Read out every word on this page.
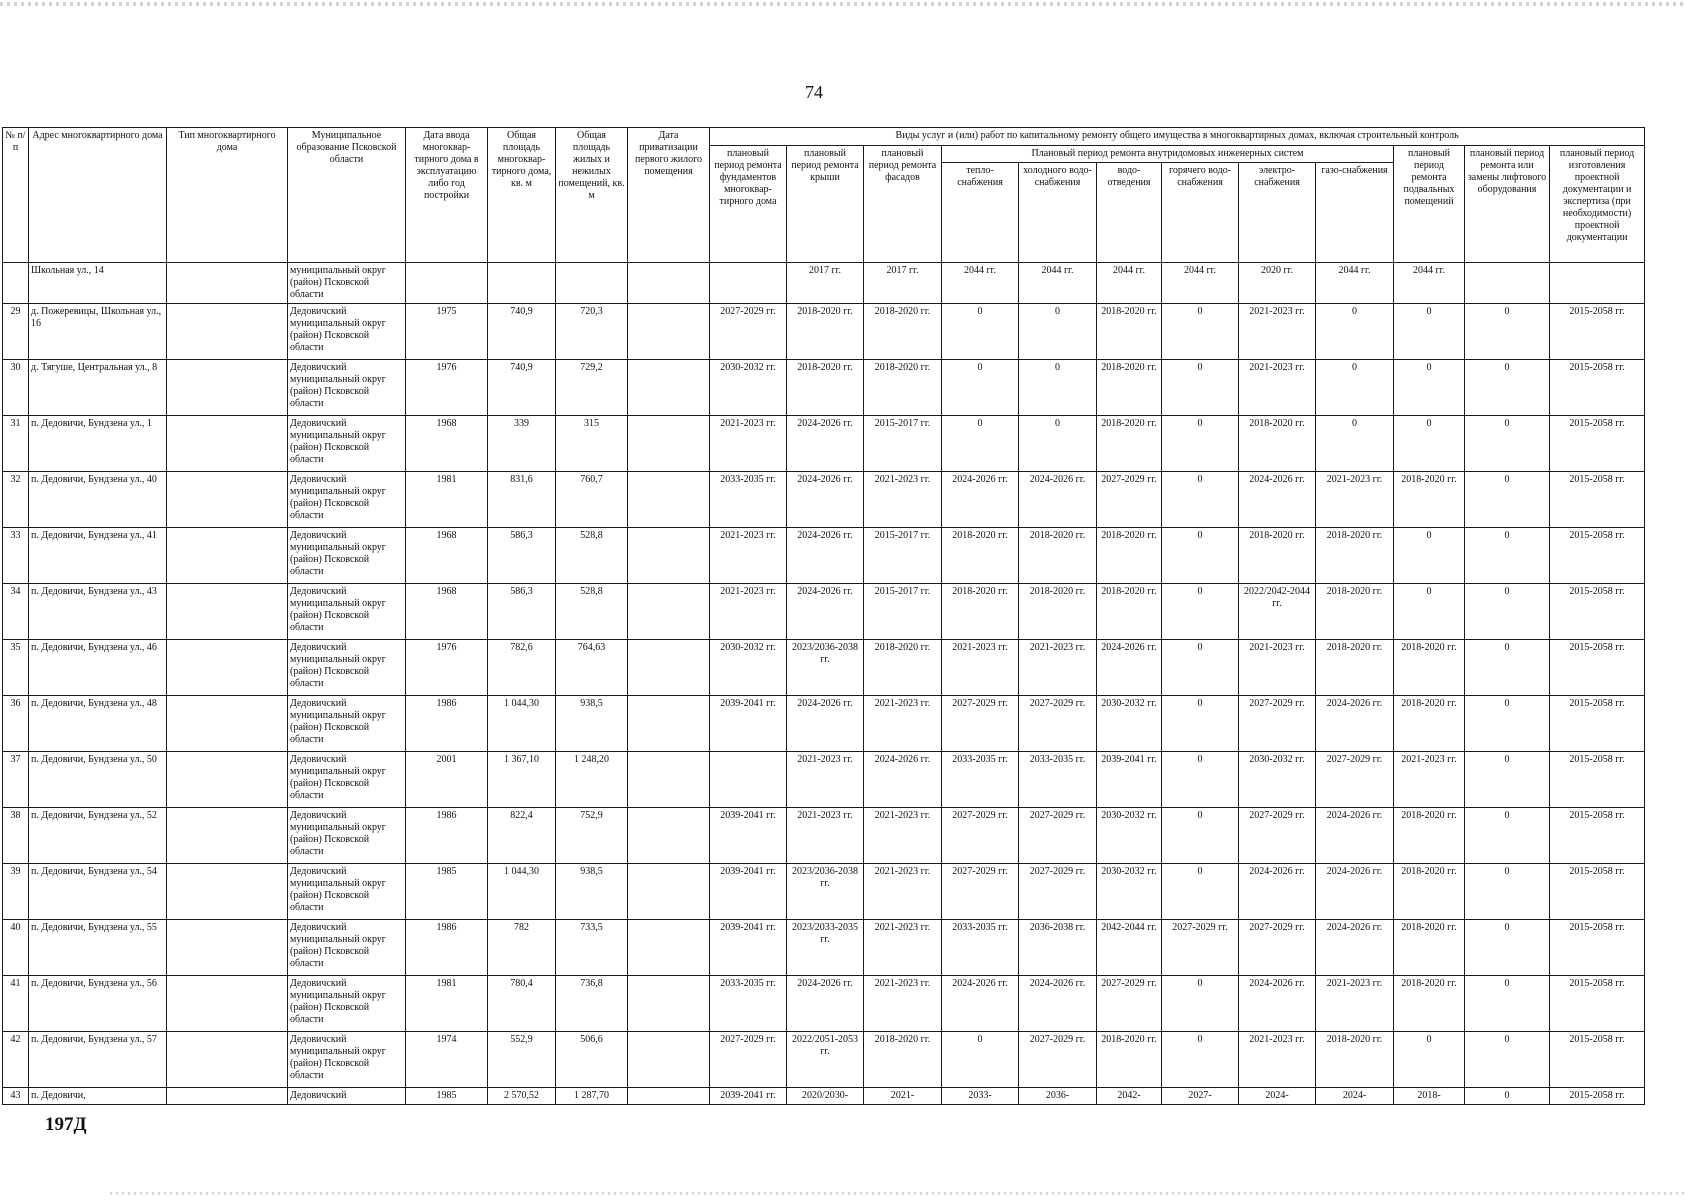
74
№ п/п	Адрес многоквартирного дома	Тип многоквартирного дома	Муниципальное образование Псковской области	Дата ввода многоквар-тирного дома в эксплуатацию либо год постройки	Общая площадь многоквар-тирного дома, кв. м	Общая площадь жилых и нежилых помещений, кв. м	Дата приватизации первого жилого помещения	Виды услуг и (или) работ по капитальному ремонту общего имущества в многоквартирных домах, включая строительный контроль											
								плановый период ремонта фундаментов многоквар-тирного дома	плановый период ремонта крыши	плановый период ремонта фасадов	Плановый период ремонта внутридомовых инженерных систем						плановый период ремонта подвальных помещений	плановый период ремонта или замены лифтового оборудования	плановый период изготовления проектной документации и экспертиза (при необходимости) проектной документации
											тепло-снабжения	холодного водо-снабжения	водо-отведения	горячего водо-снабжения	электро-снабжения	газо-снабжения			
	Школьная ул., 14		муниципальный округ (район) Псковской области						2017 гг.	2017 гг.	2044 гг.	2044 гг.	2044 гг.	2044 гг.	2020 гг.	2044 гг.	2044 гг.		
29	д. Пожеревицы, Школьная ул., 16		Дедовичский муниципальный округ (район) Псковской области	1975	740,9	720,3		2027-2029 гг.	2018-2020 гг.	2018-2020 гг.	0	0	2018-2020 гг.	0	2021-2023 гг.	0	0	0	2015-2058 гг.
30	д. Тягуше, Центральная ул., 8		Дедовичский муниципальный округ (район) Псковской области	1976	740,9	729,2		2030-2032 гг.	2018-2020 гг.	2018-2020 гг.	0	0	2018-2020 гг.	0	2021-2023 гг.	0	0	0	2015-2058 гг.
31	п. Дедовичи, Бундзена ул., 1		Дедовичский муниципальный округ (район) Псковской области	1968	339	315		2021-2023 гг.	2024-2026 гг.	2015-2017 гг.	0	0	2018-2020 гг.	0	2018-2020 гг.	0	0	0	2015-2058 гг.
32	п. Дедовичи, Бундзена ул., 40		Дедовичский муниципальный округ (район) Псковской области	1981	831,6	760,7		2033-2035 гг.	2024-2026 гг.	2021-2023 гг.	2024-2026 гг.	2024-2026 гг.	2027-2029 гг.	0	2024-2026 гг.	2021-2023 гг.	2018-2020 гг.	0	2015-2058 гг.
33	п. Дедовичи, Бундзена ул., 41		Дедовичский муниципальный округ (район) Псковской области	1968	586,3	528,8		2021-2023 гг.	2024-2026 гг.	2015-2017 гг.	2018-2020 гг.	2018-2020 гг.	2018-2020 гг.	0	2018-2020 гг.	2018-2020 гг.	0	0	2015-2058 гг.
34	п. Дедовичи, Бундзена ул., 43		Дедовичский муниципальный округ (район) Псковской области	1968	586,3	528,8		2021-2023 гг.	2024-2026 гг.	2015-2017 гг.	2018-2020 гг.	2018-2020 гг.	2018-2020 гг.	0	2022/2042-2044 гг.	2018-2020 гг.	0	0	2015-2058 гг.
35	п. Дедовичи, Бундзена ул., 46		Дедовичский муниципальный округ (район) Псковской области	1976	782,6	764,63		2030-2032 гг.	2023/2036-2038 гг.	2018-2020 гг.	2021-2023 гг.	2021-2023 гг.	2024-2026 гг.	0	2021-2023 гг.	2018-2020 гг.	2018-2020 гг.	0	2015-2058 гг.
36	п. Дедовичи, Бундзена ул., 48		Дедовичский муниципальный округ (район) Псковской области	1986	1 044,30	938,5		2039-2041 гг.	2024-2026 гг.	2021-2023 гг.	2027-2029 гг.	2027-2029 гг.	2030-2032 гг.	0	2027-2029 гг.	2024-2026 гг.	2018-2020 гг.	0	2015-2058 гг.
37	п. Дедовичи, Бундзена ул., 50		Дедовичский муниципальный округ (район) Псковской области	2001	1 367,10	1 248,20			2021-2023 гг.	2024-2026 гг.	2033-2035 гг.	2033-2035 гг.	2039-2041 гг.	0	2030-2032 гг.	2027-2029 гг.	2021-2023 гг.	0	2015-2058 гг.
38	п. Дедовичи, Бундзена ул., 52		Дедовичский муниципальный округ (район) Псковской области	1986	822,4	752,9		2039-2041 гг.	2021-2023 гг.	2021-2023 гг.	2027-2029 гг.	2027-2029 гг.	2030-2032 гг.	0	2027-2029 гг.	2024-2026 гг.	2018-2020 гг.	0	2015-2058 гг.
39	п. Дедовичи, Бундзена ул., 54		Дедовичский муниципальный округ (район) Псковской области	1985	1 044,30	938,5		2039-2041 гг.	2023/2036-2038 гг.	2021-2023 гг.	2027-2029 гг.	2027-2029 гг.	2030-2032 гг.	0	2024-2026 гг.	2024-2026 гг.	2018-2020 гг.	0	2015-2058 гг.
40	п. Дедовичи, Бундзена ул., 55		Дедовичский муниципальный округ (район) Псковской области	1986	782	733,5		2039-2041 гг.	2023/2033-2035 гг.	2021-2023 гг.	2033-2035 гг.	2036-2038 гг.	2042-2044 гг.	2027-2029 гг.	2027-2029 гг.	2024-2026 гг.	2018-2020 гг.	0	2015-2058 гг.
41	п. Дедовичи, Бундзена ул., 56		Дедовичский муниципальный округ (район) Псковской области	1981	780,4	736,8		2033-2035 гг.	2024-2026 гг.	2021-2023 гг.	2024-2026 гг.	2024-2026 гг.	2027-2029 гг.	0	2024-2026 гг.	2021-2023 гг.	2018-2020 гг.	0	2015-2058 гг.
42	п. Дедовичи, Бундзена ул., 57		Дедовичский муниципальный округ (район) Псковской области	1974	552,9	506,6		2027-2029 гг.	2022/2051-2053 гг.	2018-2020 гг.	0	2027-2029 гг.	2018-2020 гг.	0	2021-2023 гг.	2018-2020 гг.	0	0	2015-2058 гг.
43	п. Дедовичи,		Дедовичский	1985	2 570,52	1 287,70		2039-2041 гг.	2020/2030-	2021-	2033-	2036-	2042-	2027-	2024-	2024-	2018-	0	2015-2058 гг.
197Д
